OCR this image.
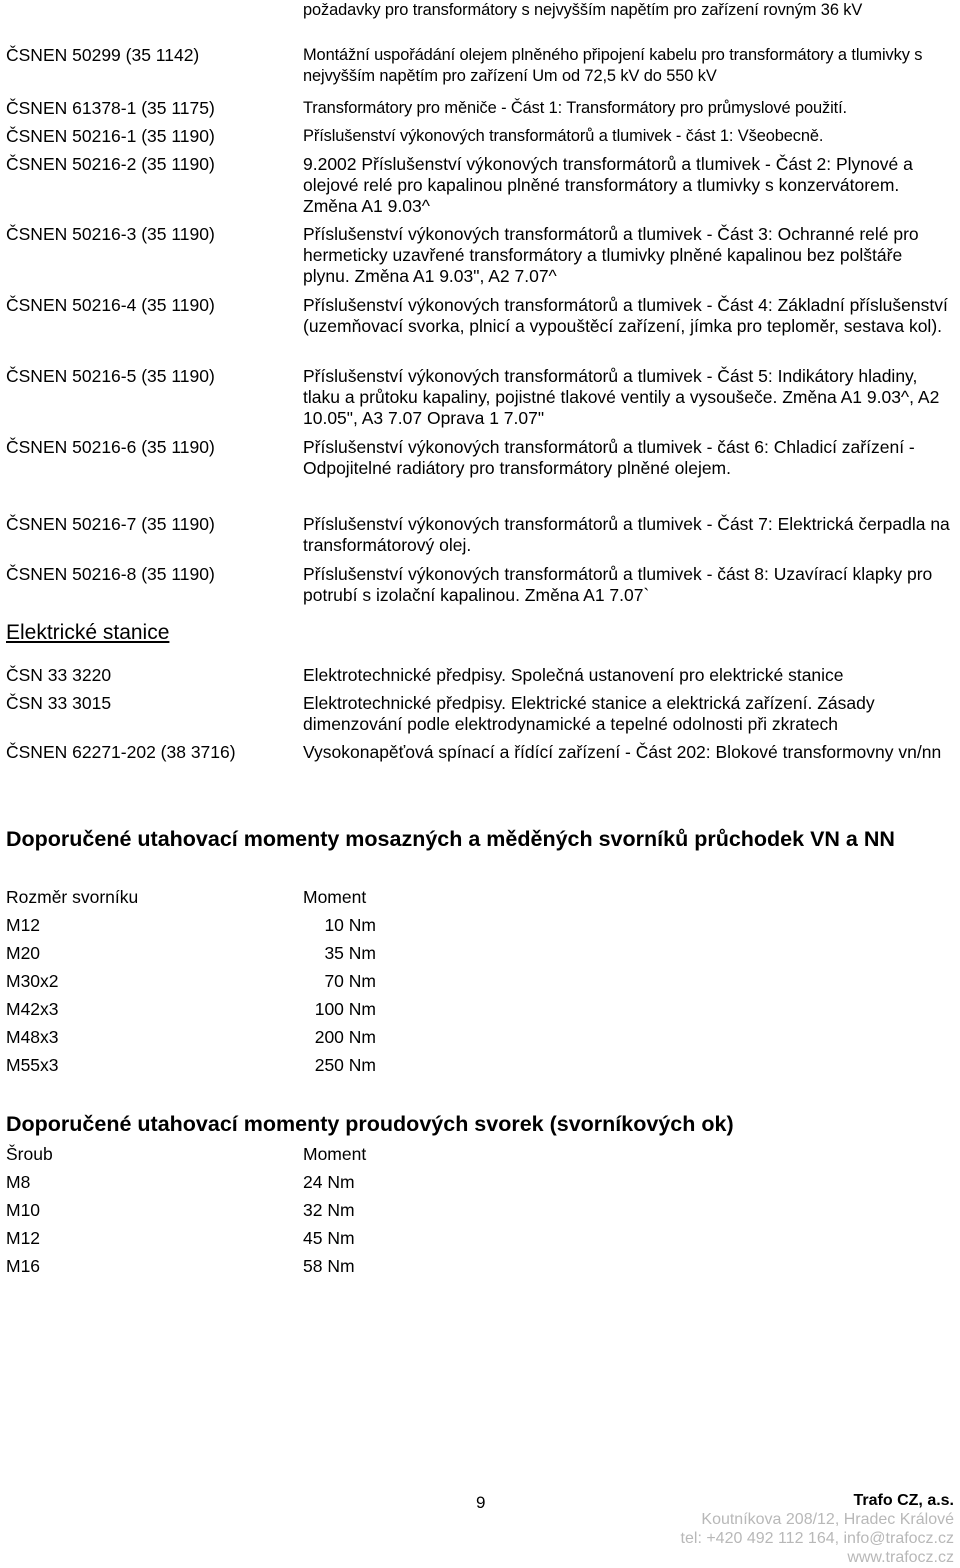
požadavky pro transformátory s nejvyšším napětím pro zařízení rovným 36 kV
ČSNEN 50299 (35 1142)	Montážní uspořádání olejem plněného připojení kabelu pro transformátory a tlumivky s nejvyšším napětím pro zařízení Um od 72,5 kV do 550 kV
ČSNEN 61378-1 (35 1175)	Transformátory pro měniče - Část 1: Transformátory pro průmyslové použití.
ČSNEN 50216-1 (35 1190)	Příslušenství výkonových transformátorů a tlumivek - část 1: Všeobecně.
ČSNEN 50216-2 (35 1190)	9.2002 Příslušenství výkonových transformátorů a tlumivek - Část 2: Plynové a olejové relé pro kapalinou plněné transformátory a tlumivky s konzervátorem. Změna A1 9.03^
ČSNEN 50216-3 (35 1190)	Příslušenství výkonových transformátorů a tlumivek - Část 3: Ochranné relé pro hermeticky uzavřené transformátory a tlumivky plněné kapalinou bez polštáře plynu. Změna A1 9.03", A2 7.07^
ČSNEN 50216-4 (35 1190)	Příslušenství výkonových transformátorů a tlumivek - Část 4: Základní příslušenství (uzemňovací svorka, plnicí a vypouštěcí zařízení, jímka pro teploměr, sestava kol).
ČSNEN 50216-5 (35 1190)	Příslušenství výkonových transformátorů a tlumivek - Část 5: Indikátory hladiny, tlaku a průtoku kapaliny, pojistné tlakové ventily a vysoušeče. Změna A1 9.03^, A2 10.05", A3 7.07 Oprava 1 7.07"
ČSNEN 50216-6 (35 1190)	Příslušenství výkonových transformátorů a tlumivek - část 6: Chladicí zařízení - Odpojitelné radiátory pro transformátory plněné olejem.
ČSNEN 50216-7 (35 1190)	Příslušenství výkonových transformátorů a tlumivek - Část 7: Elektrická čerpadla na transformátorový olej.
ČSNEN 50216-8 (35 1190)	Příslušenství výkonových transformátorů a tlumivek - část 8: Uzavírací klapky pro potrubí s izolační kapalinou. Změna A1 7.07`
Elektrické stanice
ČSN 33 3220	Elektrotechnické předpisy. Společná ustanovení pro elektrické stanice
ČSN 33 3015	Elektrotechnické předpisy. Elektrické stanice a elektrická zařízení. Zásady dimenzování podle elektrodynamické a tepelné odolnosti při zkratech
ČSNEN 62271-202 (38 3716)	Vysokonapěťová spínací a řídící zařízení - Část 202: Blokové transformovny vn/nn
Doporučené utahovací momenty mosazných a měděných svorníků průchodek VN a NN
Rozměr svorníku	Moment
M12	10 Nm
M20	35 Nm
M30x2	70 Nm
M42x3	100 Nm
M48x3	200 Nm
M55x3	250 Nm
Doporučené utahovací momenty proudových svorek (svorníkových ok)
Šroub	Moment
M8	24 Nm
M10	32 Nm
M12	45 Nm
M16	58 Nm
9	Trafo CZ, a.s.
Koutníkova 208/12, Hradec Králové
tel: +420 492 112 164, info@trafocz.cz
www.trafocz.cz
